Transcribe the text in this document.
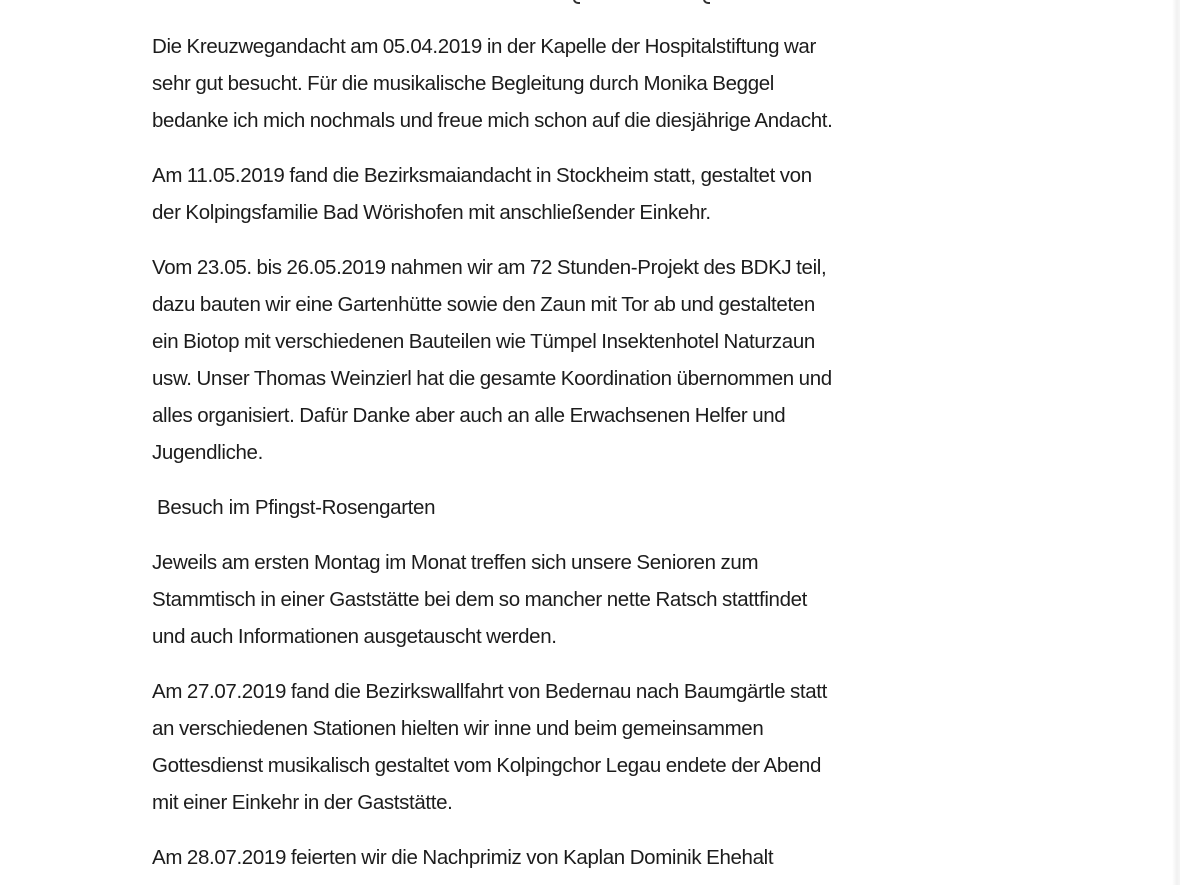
Die Kreuzwegandacht am 05.04.2019 in der Kapelle der Hospitalstiftung war
sehr gut besucht. Für die musikalische Begleitung durch Monika Beggel
bedanke ich mich nochmals und freue mich schon auf die diesjährige Andacht.

Am 11.05.2019 fand die Bezirksmaiandacht in Stockheim statt, gestaltet von
der Kolpingsfamilie Bad Wörishofen mit anschließender Einkehr.

Vom 23.05. bis 26.05.2019 nahmen wir am 72 Stunden-Projekt des BDKJ teil,
dazu bauten wir eine Gartenhütte sowie den Zaun mit Tor ab und gestalteten
ein Biotop mit verschiedenen Bauteilen wie Tümpel Insektenhotel Naturzaun
usw. Unser Thomas Weinzierl hat die gesamte Koordination übernommen und
alles organisiert. Dafür Danke aber auch an alle Erwachsenen Helfer und
Jugendliche.

Besuch im Pfingst-Rosengarten

Jeweils am ersten Montag im Monat treffen sich unsere Senioren zum
Stammtisch in einer Gaststätte bei dem so mancher nette Ratsch stattfindet
und auch Informationen ausgetauscht werden.

Am 27.07.2019 fand die Bezirkswallfahrt von Bedernau nach Baumgärtle statt
an verschiedenen Stationen hielten wir inne und beim gemeinsammen
Gottesdienst musikalisch gestaltet vom Kolpingchor Legau endete der Abend
mit einer Einkehr in der Gaststätte.

Am 28.07.2019 feierten wir die Nachprimiz von Kaplan Dominik Ehehalt
